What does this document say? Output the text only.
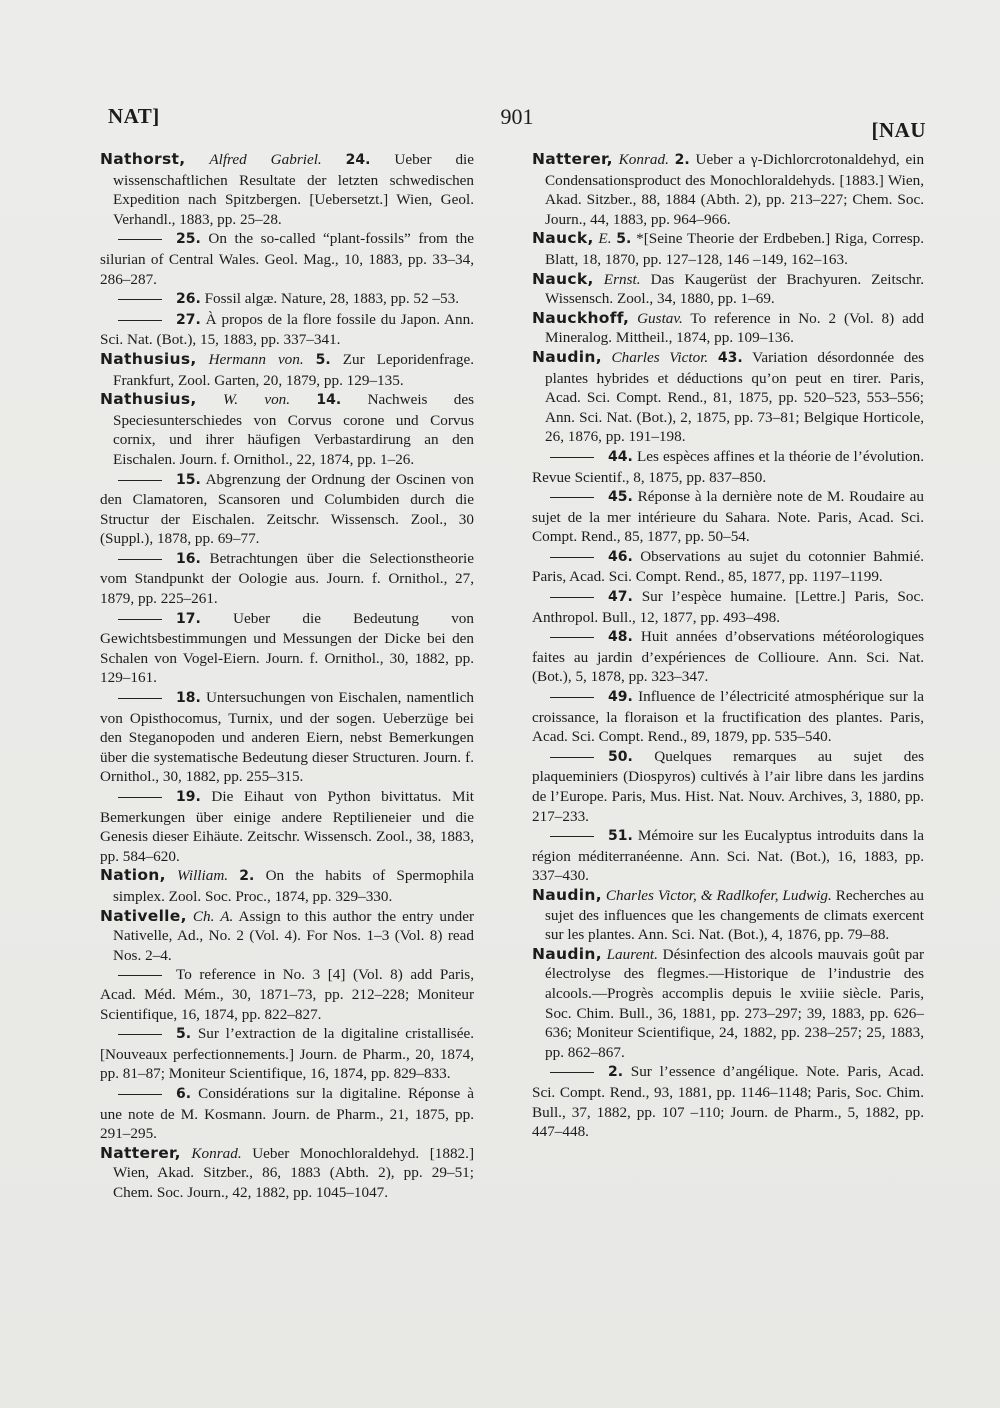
NAT]	901
[NAU

Nathorst, Alfred Gabriel. 24. Ueber die wissenschaftlichen Resultate der letzten schwedischen Expedition nach Spitzbergen. [Uebersetzt.] Wien, Geol. Verhandl., 1883, pp. 25–28.

25. On the so-called “plant-fossils” from the silurian of Central Wales. Geol. Mag., 10, 1883, pp. 33–34, 286–287.

26. Fossil algæ. Nature, 28, 1883, pp. 52 –53.

27. À propos de la flore fossile du Japon. Ann. Sci. Nat. (Bot.), 15, 1883, pp. 337–341.

Nathusius, Hermann von. 5. Zur Leporidenfrage. Frankfurt, Zool. Garten, 20, 1879, pp. 129–135.

Nathusius, W. von. 14. Nachweis des Speciesunterschiedes von Corvus corone und Corvus cornix, und ihrer häufigen Verbastardirung an den Eischalen. Journ. f. Ornithol., 22, 1874, pp. 1–26.

15. Abgrenzung der Ordnung der Oscinen von den Clamatoren, Scansoren und Columbiden durch die Structur der Eischalen. Zeitschr. Wissensch. Zool., 30 (Suppl.), 1878, pp. 69–77.

16. Betrachtungen über die Selectionstheorie vom Standpunkt der Oologie aus. Journ. f. Ornithol., 27, 1879, pp. 225–261.

17. Ueber die Bedeutung von Gewichtsbestimmungen und Messungen der Dicke bei den Schalen von Vogel-Eiern. Journ. f. Ornithol., 30, 1882, pp. 129–161.

18. Untersuchungen von Eischalen, namentlich von Opisthocomus, Turnix, und der sogen. Ueberzüge bei den Steganopoden und anderen Eiern, nebst Bemerkungen über die systematische Bedeutung dieser Structuren. Journ. f. Ornithol., 30, 1882, pp. 255–315.

19. Die Eihaut von Python bivittatus. Mit Bemerkungen über einige andere Reptilieneier und die Genesis dieser Eihäute. Zeitschr. Wissensch. Zool., 38, 1883, pp. 584–620.

Nation, William. 2. On the habits of Spermophila simplex. Zool. Soc. Proc., 1874, pp. 329–330.

Nativelle, Ch. A. Assign to this author the entry under Nativelle, Ad., No. 2 (Vol. 4). For Nos. 1–3 (Vol. 8) read Nos. 2–4.

To reference in No. 3 [4] (Vol. 8) add Paris, Acad. Méd. Mém., 30, 1871–73, pp. 212–228; Moniteur Scientifique, 16, 1874, pp. 822–827.

5. Sur l’extraction de la digitaline cristallisée. [Nouveaux perfectionnements.] Journ. de Pharm., 20, 1874, pp. 81–87; Moniteur Scientifique, 16, 1874, pp. 829–833.

6. Considérations sur la digitaline. Réponse à une note de M. Kosmann. Journ. de Pharm., 21, 1875, pp. 291–295.

Natterer, Konrad. Ueber Monochloraldehyd. [1882.] Wien, Akad. Sitzber., 86, 1883 (Abth. 2), pp. 29–51; Chem. Soc. Journ., 42, 1882, pp. 1045–1047.

Natterer, Konrad. 2. Ueber a γ-Dichlorcrotonaldehyd, ein Condensationsproduct des Monochloraldehyds. [1883.] Wien, Akad. Sitzber., 88, 1884 (Abth. 2), pp. 213–227; Chem. Soc. Journ., 44, 1883, pp. 964–966.

Nauck, E. 5. *[Seine Theorie der Erdbeben.] Riga, Corresp. Blatt, 18, 1870, pp. 127–128, 146 –149, 162–163.

Nauck, Ernst. Das Kaugerüst der Brachyuren. Zeitschr. Wissensch. Zool., 34, 1880, pp. 1–69.

Nauckhoff, Gustav. To reference in No. 2 (Vol. 8) add Mineralog. Mittheil., 1874, pp. 109–136.

Naudin, Charles Victor. 43. Variation désordonnée des plantes hybrides et déductions qu’on peut en tirer. Paris, Acad. Sci. Compt. Rend., 81, 1875, pp. 520–523, 553–556; Ann. Sci. Nat. (Bot.), 2, 1875, pp. 73–81; Belgique Horticole, 26, 1876, pp. 191–198.

44. Les espèces affines et la théorie de l’évolution. Revue Scientif., 8, 1875, pp. 837–850.

45. Réponse à la dernière note de M. Roudaire au sujet de la mer intérieure du Sahara. Note. Paris, Acad. Sci. Compt. Rend., 85, 1877, pp. 50–54.

46. Observations au sujet du cotonnier Bahmié. Paris, Acad. Sci. Compt. Rend., 85, 1877, pp. 1197–1199.

47. Sur l’espèce humaine. [Lettre.] Paris, Soc. Anthropol. Bull., 12, 1877, pp. 493–498.

48. Huit années d’observations météorologiques faites au jardin d’expériences de Collioure. Ann. Sci. Nat. (Bot.), 5, 1878, pp. 323–347.

49. Influence de l’électricité atmosphérique sur la croissance, la floraison et la fructification des plantes. Paris, Acad. Sci. Compt. Rend., 89, 1879, pp. 535–540.

50. Quelques remarques au sujet des plaqueminiers (Diospyros) cultivés à l’air libre dans les jardins de l’Europe. Paris, Mus. Hist. Nat. Nouv. Archives, 3, 1880, pp. 217–233.

51. Mémoire sur les Eucalyptus introduits dans la région méditerranéenne. Ann. Sci. Nat. (Bot.), 16, 1883, pp. 337–430.

Naudin, Charles Victor, & Radlkofer, Ludwig. Recherches au sujet des influences que les changements de climats exercent sur les plantes. Ann. Sci. Nat. (Bot.), 4, 1876, pp. 79–88.

Naudin, Laurent. Désinfection des alcools mauvais goût par électrolyse des flegmes.—Historique de l’industrie des alcools.—Progrès accomplis depuis le xviiie siècle. Paris, Soc. Chim. Bull., 36, 1881, pp. 273–297; 39, 1883, pp. 626–636; Moniteur Scientifique, 24, 1882, pp. 238–257; 25, 1883, pp. 862–867.

2. Sur l’essence d’angélique. Note. Paris, Acad. Sci. Compt. Rend., 93, 1881, pp. 1146–1148; Paris, Soc. Chim. Bull., 37, 1882, pp. 107 –110; Journ. de Pharm., 5, 1882, pp. 447–448.
